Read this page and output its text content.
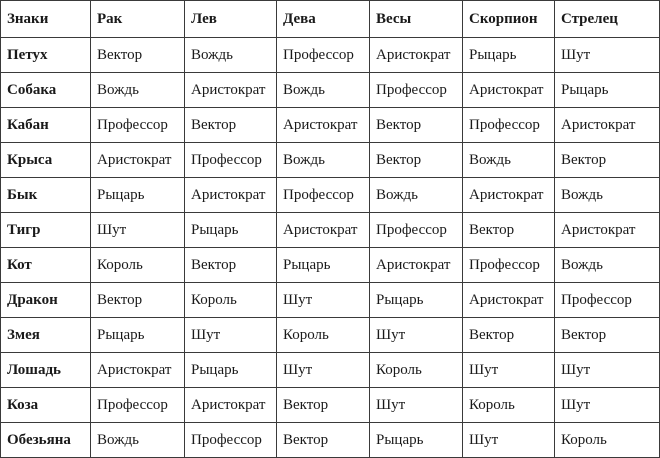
Знаки	Рак	Лев	Дева	Весы	Скорпион	Стрелец
Петух	Вектор	Вождь	Профессор	Аристократ	Рыцарь	Шут
Собака	Вождь	Аристократ	Вождь	Профессор	Аристократ	Рыцарь
Кабан	Профессор	Вектор	Аристократ	Вектор	Профессор	Аристократ
Крыса	Аристократ	Профессор	Вождь	Вектор	Вождь	Вектор
Бык	Рыцарь	Аристократ	Профессор	Вождь	Аристократ	Вождь
Тигр	Шут	Рыцарь	Аристократ	Профессор	Вектор	Аристократ
Кот	Король	Вектор	Рыцарь	Аристократ	Профессор	Вождь
Дракон	Вектор	Король	Шут	Рыцарь	Аристократ	Профессор
Змея	Рыцарь	Шут	Король	Шут	Вектор	Вектор
Лошадь	Аристократ	Рыцарь	Шут	Король	Шут	Шут
Коза	Профессор	Аристократ	Вектор	Шут	Король	Шут
Обезьяна	Вождь	Профессор	Вектор	Рыцарь	Шут	Король
